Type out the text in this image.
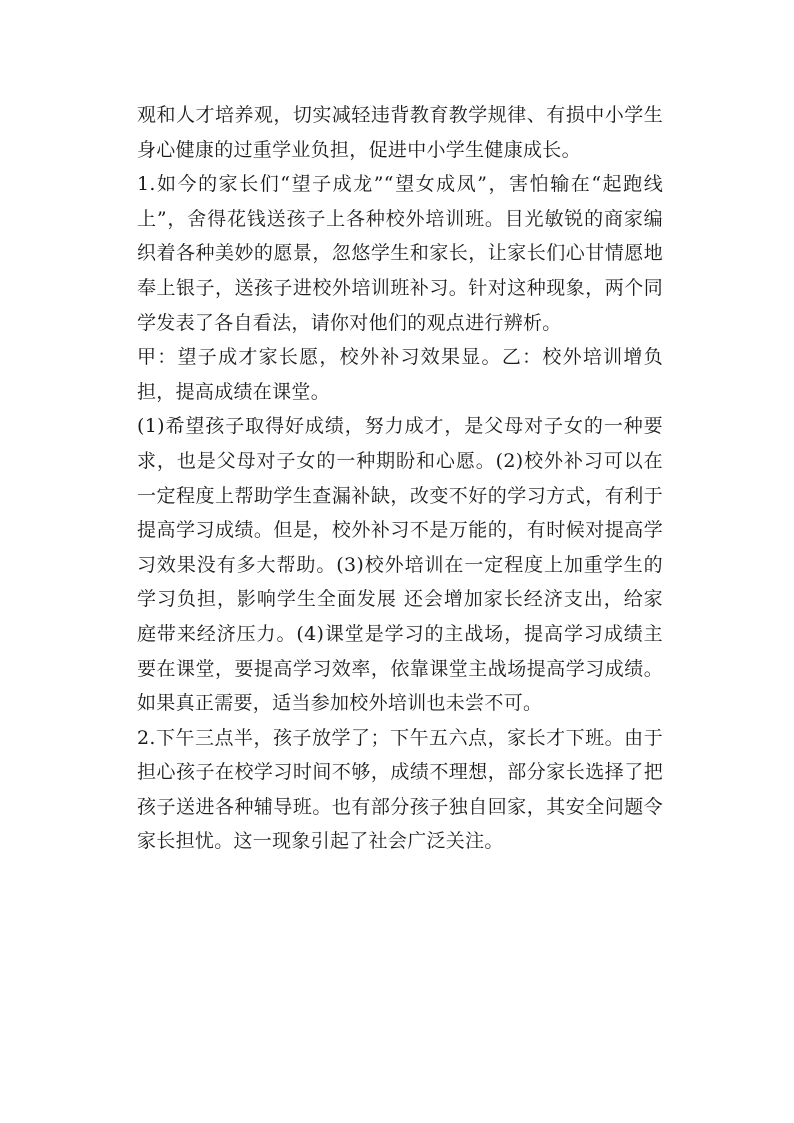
观和人才培养观，切实减轻违背教育教学规律、有损中小学生身心健康的过重学业负担，促进中小学生健康成长。

1.如今的家长们“望子成龙”“望女成凤”，害怕输在“起跑线上”，舍得花钱送孩子上各种校外培训班。目光敏锐的商家编织着各种美妙的愿景，忽悠学生和家长，让家长们心甘情愿地奉上银子，送孩子进校外培训班补习。针对这种现象，两个同学发表了各自看法，请你对他们的观点进行辨析。

甲：望子成才家长愿，校外补习效果显。乙：校外培训增负担，提高成绩在课堂。

(1)希望孩子取得好成绩，努力成才，是父母对子女的一种要求，也是父母对子女的一种期盼和心愿。(2)校外补习可以在一定程度上帮助学生查漏补缺，改变不好的学习方式，有利于提高学习成绩。但是，校外补习不是万能的，有时候对提高学习效果没有多大帮助。(3)校外培训在一定程度上加重学生的学习负担，影响学生全面发展 还会增加家长经济支出，给家庭带来经济压力。(4)课堂是学习的主战场，提高学习成绩主要在课堂，要提高学习效率，依靠课堂主战场提高学习成绩。如果真正需要，适当参加校外培训也未尝不可。

2.下午三点半，孩子放学了；下午五六点，家长才下班。由于担心孩子在校学习时间不够，成绩不理想，部分家长选择了把孩子送进各种辅导班。也有部分孩子独自回家，其安全问题令家长担忧。这一现象引起了社会广泛关注。
